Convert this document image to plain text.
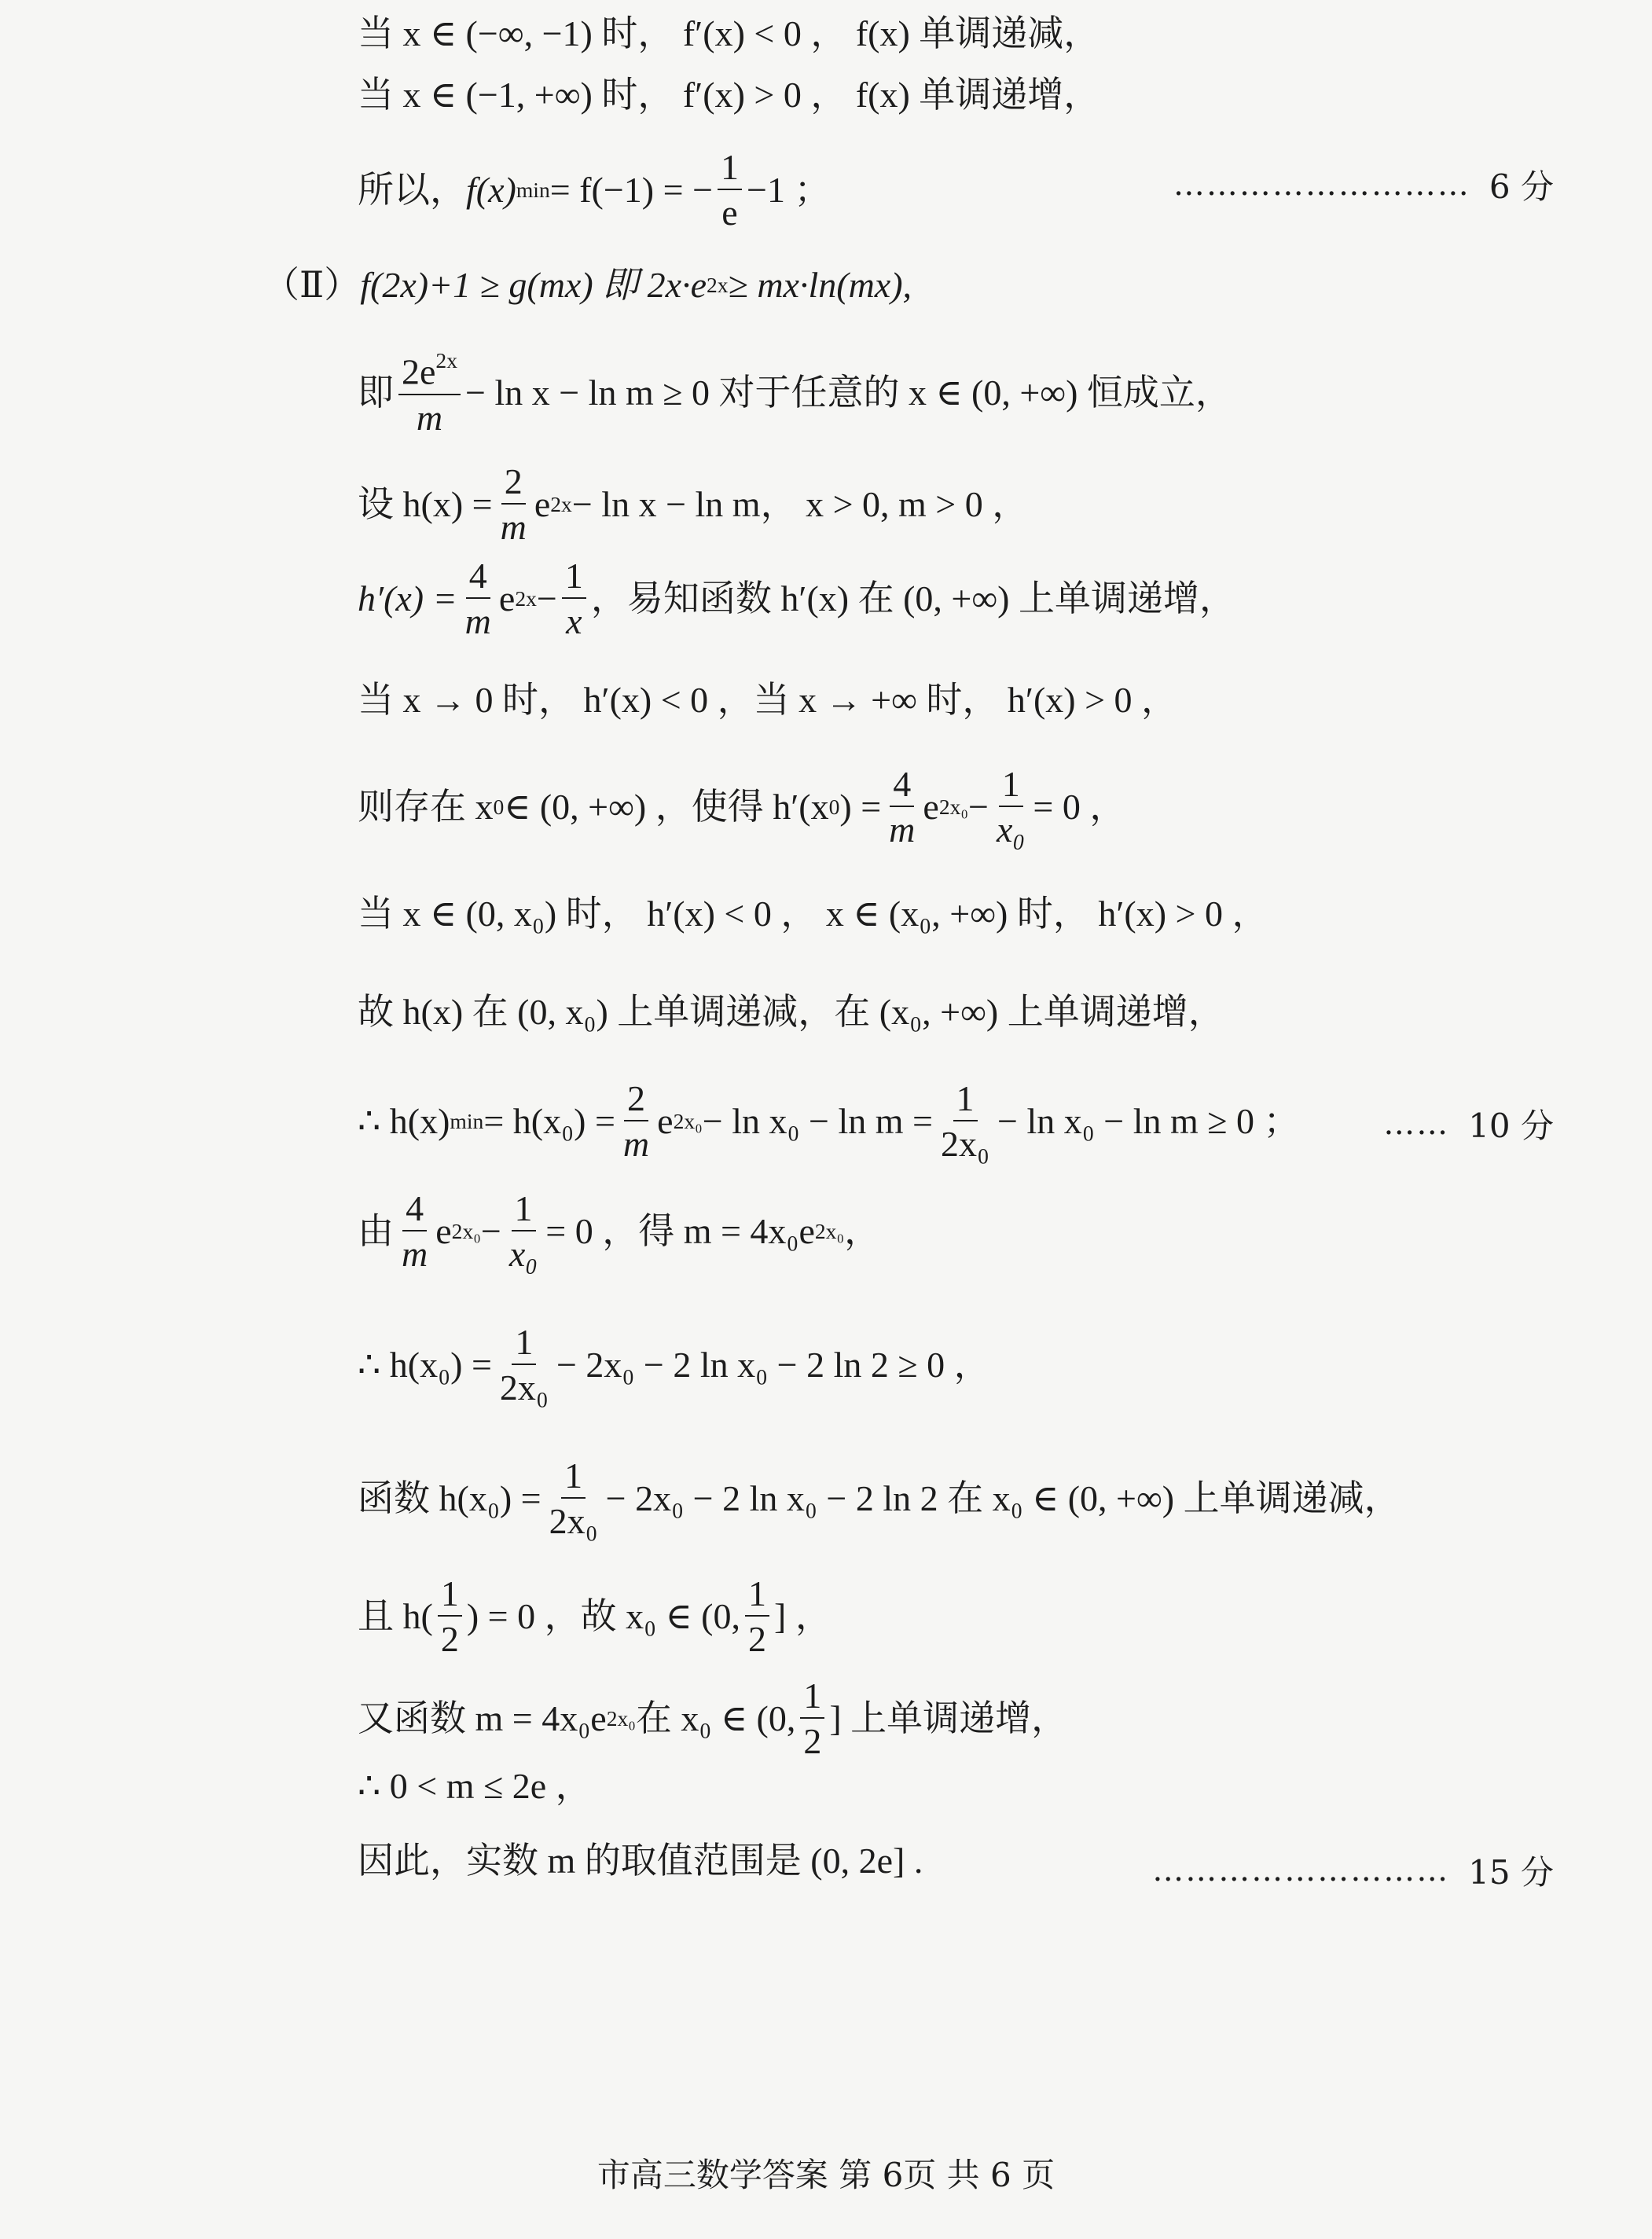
当 x ∈ (−∞, −1) 时， f′(x) < 0 ， f(x) 单调递减，
当 x ∈ (−1, +∞) 时， f′(x) > 0 ， f(x) 单调递增，
所以， f(x) min = f(−1) = − $\frac{1}{e} -1$ ；	……………………… 6 分
（Ⅱ） f(2x)+1 ≥ g(mx) 即 2x·e 2x ≥ mx·ln(mx),
即 $\frac{2e^{2x}}{m} - \ln x - \ln m \ge 0$ 对于任意的 x ∈ (0, +∞) 恒成立，
设 $h(x) = \frac{2}{m}$ e 2x − ln x − ln m， x > 0, m > 0 ，
$h'(x) = \frac{4}{m}$ e $2x - \frac{1}{x}$ ，易知函数 h′(x) 在 (0, +∞) 上单调递增，
当 x → 0 时， h′(x) < 0 ，当 x → +∞ 时， h′(x) > 0 ，
则存在 x 0 ∈ (0, +∞) ，使得 h′(x 0 ) = $\frac{4}{m}$ e $2x_0 - \frac{1}{\text{x₀}} = 0$ ，
当 x ∈ (0, x₀) 时， h′(x) < 0 ， x ∈ (x₀, +∞) 时， h′(x) > 0 ，
故 h(x) 在 (0, x₀) 上单调递减，在 (x₀, +∞) 上单调递增，
∴ h(x) $\min = h(x_0) = \frac{2}{m}$ e $2x_0 - \ln x_0 - \ln m = \frac{1}{\text{2x₀}} - \ln x_0 - \ln m \ge 0$ ；	…… 10 分
由 $\frac{4}{m}$ e $2x_0 - \frac{1}{\text{x₀}} = 0$ ，得 m = 4x₀e 2x₀ ，
∴ $h(x_0) = \frac{1}{\text{2x₀}} - 2x_0 - 2$ ln x₀ − 2 ln 2 ≥ 0 ，
函数 $h(x_0) = \frac{1}{\text{2x₀}} - 2x_0 - 2$ ln x₀ − 2 ln 2 在 x₀ ∈ (0, +∞) 上单调递减，
且 $h( \frac{1}{2}$ ) = 0 ，故 x₀ ∈ (0, $\frac{1}{2}$ ] ，
又函数 m = 4x₀e 2x₀ 在 x₀ ∈ (0, $\frac{1}{2}$ ] 上单调递增，
∴ 0 < m ≤ 2e ，
因此，实数 m 的取值范围是 (0, 2e] .	……………………… 15 分
市高三数学答案 第 6页 共 6 页
